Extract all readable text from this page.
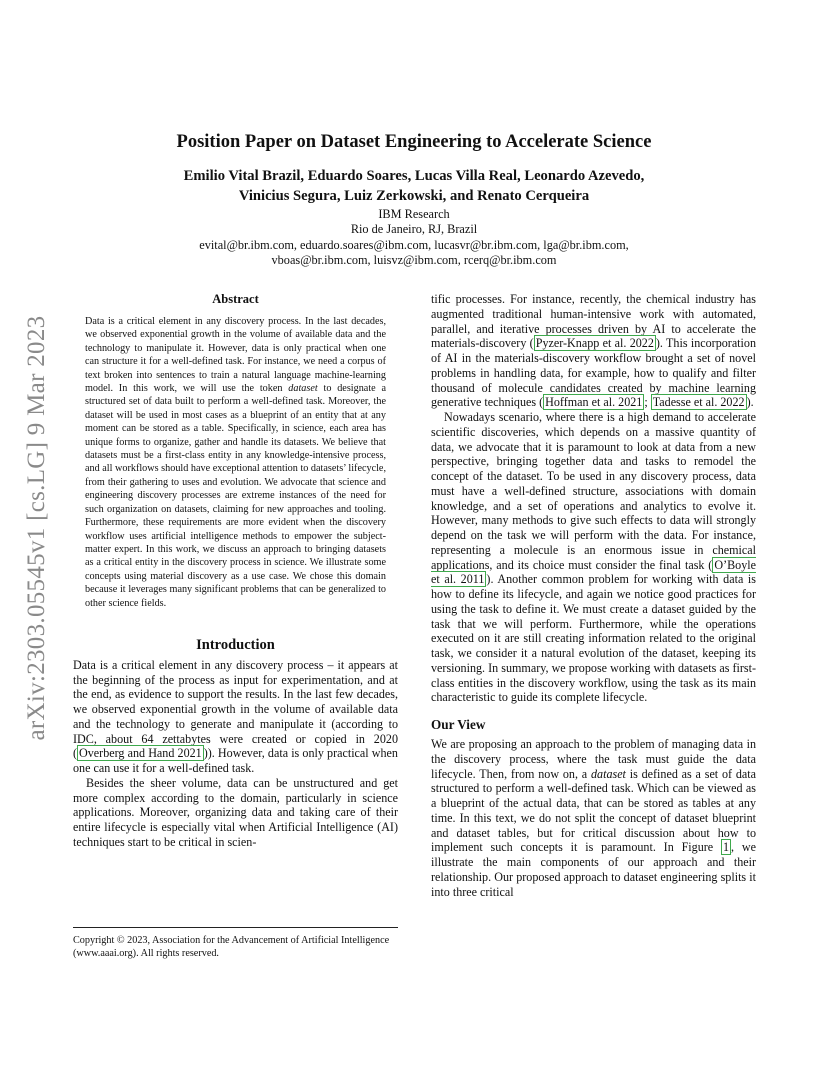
arXiv:2303.05545v1 [cs.LG] 9 Mar 2023
Position Paper on Dataset Engineering to Accelerate Science
Emilio Vital Brazil, Eduardo Soares, Lucas Villa Real, Leonardo Azevedo,
Vinicius Segura, Luiz Zerkowski, and Renato Cerqueira
IBM Research
Rio de Janeiro, RJ, Brazil
evital@br.ibm.com, eduardo.soares@ibm.com, lucasvr@br.ibm.com, lga@br.ibm.com,
vboas@br.ibm.com, luisvz@ibm.com, rcerq@br.ibm.com
Abstract

Data is a critical element in any discovery process. In the last decades, we observed exponential growth in the volume of available data and the technology to manipulate it. However, data is only practical when one can structure it for a well-defined task. For instance, we need a corpus of text broken into sentences to train a natural language machine-learning model. In this work, we will use the token dataset to designate a structured set of data built to perform a well-defined task. Moreover, the dataset will be used in most cases as a blueprint of an entity that at any moment can be stored as a table. Specifically, in science, each area has unique forms to organize, gather and handle its datasets. We believe that datasets must be a first-class entity in any knowledge-intensive process, and all workflows should have exceptional attention to datasets’ lifecycle, from their gathering to uses and evolution. We advocate that science and engineering discovery processes are extreme instances of the need for such organization on datasets, claiming for new approaches and tooling. Furthermore, these requirements are more evident when the discovery workflow uses artificial intelligence methods to empower the subject-matter expert. In this work, we discuss an approach to bringing datasets as a critical entity in the discovery process in science. We illustrate some concepts using material discovery as a use case. We chose this domain because it leverages many significant problems that can be generalized to other science fields.

Introduction

Data is a critical element in any discovery process – it appears at the beginning of the process as input for experimentation, and at the end, as evidence to support the results. In the last few decades, we observed exponential growth in the volume of available data and the technology to generate and manipulate it (according to IDC, about 64 zettabytes were created or copied in 2020 ( Overberg and Hand 2021 )). However, data is only practical when one can use it for a well-defined task.

Besides the sheer volume, data can be unstructured and get more complex according to the domain, particularly in science applications. Moreover, organizing data and taking care of their entire lifecycle is especially vital when Artificial Intelligence (AI) techniques start to be critical in scien-

tific processes. For instance, recently, the chemical industry has augmented traditional human-intensive work with automated, parallel, and iterative processes driven by AI to accelerate the materials-discovery ( Pyzer-Knapp et al. 2022 ). This incorporation of AI in the materials-discovery workflow brought a set of novel problems in handling data, for example, how to qualify and filter thousand of molecule candidates created by machine learning generative techniques ( Hoffman et al. 2021 ; Tadesse et al. 2022 ).

Nowadays scenario, where there is a high demand to accelerate scientific discoveries, which depends on a massive quantity of data, we advocate that it is paramount to look at data from a new perspective, bringing together data and tasks to remodel the concept of the dataset. To be used in any discovery process, data must have a well-defined structure, associations with domain knowledge, and a set of operations and analytics to evolve it. However, many methods to give such effects to data will strongly depend on the task we will perform with the data. For instance, representing a molecule is an enormous issue in chemical applications, and its choice must consider the final task ( O’Boyle et al. 2011 ). Another common problem for working with data is how to define its lifecycle, and again we notice good practices for using the task to define it. We must create a dataset guided by the task that we will perform. Furthermore, while the operations executed on it are still creating information related to the original task, we consider it a natural evolution of the dataset, keeping its versioning. In summary, we propose working with datasets as first-class entities in the discovery workflow, using the task as its main characteristic to guide its complete lifecycle.

Our View

We are proposing an approach to the problem of managing data in the discovery process, where the task must guide the data lifecycle. Then, from now on, a dataset is defined as a set of data structured to perform a well-defined task. Which can be viewed as a blueprint of the actual data, that can be stored as tables at any time. In this text, we do not split the concept of dataset blueprint and dataset tables, but for critical discussion about how to implement such concepts it is paramount. In Figure 1 , we illustrate the main components of our approach and their relationship. Our proposed approach to dataset engineering splits it into three critical

Copyright © 2023, Association for the Advancement of Artificial Intelligence (www.aaai.org). All rights reserved.
